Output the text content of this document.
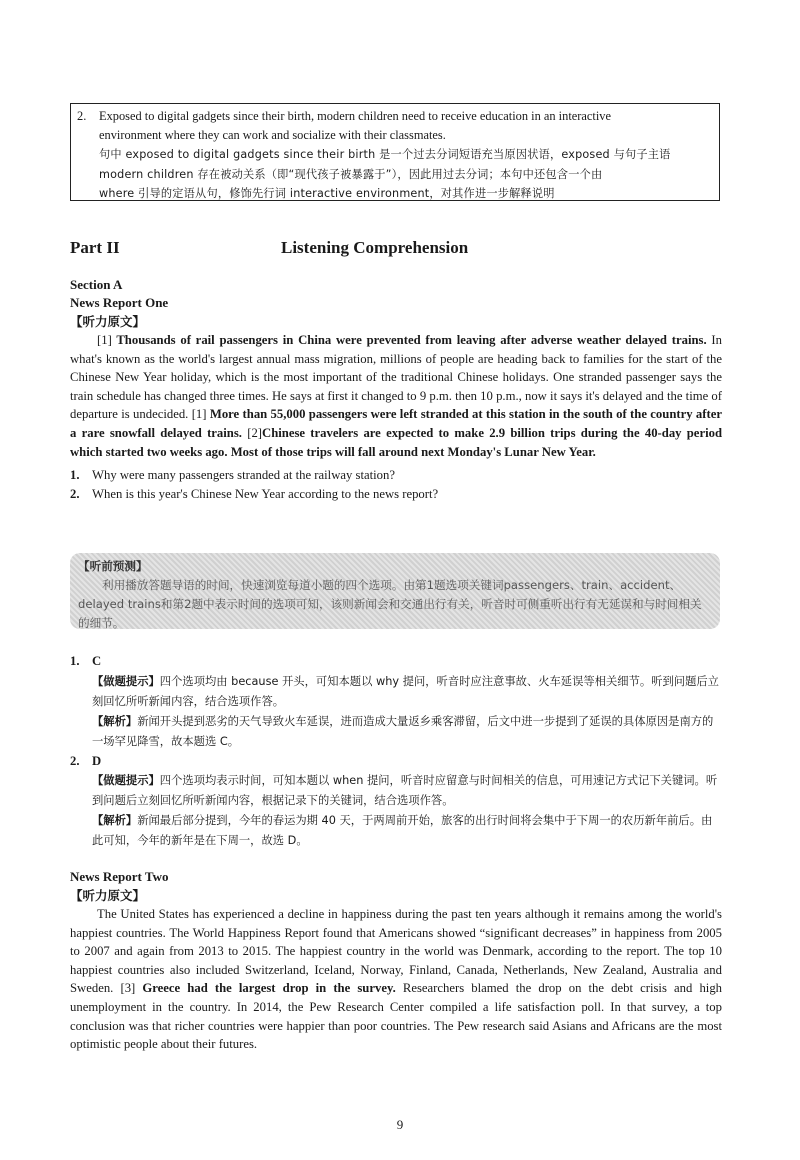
2.	Exposed to digital gadgets since their birth, modern children need to receive education in an interactive
environment where they can work and socialize with their classmates.
句中 exposed to digital gadgets since their birth 是一个过去分词短语充当原因状语，exposed 与句子主语
modern children 存在被动关系（即“现代孩子被暴露于”），因此用过去分词；本句中还包含一个由
where 引导的定语从句，修饰先行词 interactive environment，对其作进一步解释说明
Part II	Listening Comprehension
Section A
News Report One
【听力原文】
[1] Thousands of rail passengers in China were prevented from leaving after adverse weather delayed trains. In what's known as the world's largest annual mass migration, millions of people are heading back to families for the start of the Chinese New Year holiday, which is the most important of the traditional Chinese holidays. One stranded passenger says the train schedule has changed three times. He says at first it changed to 9 p.m. then 10 p.m., now it says it's delayed and the time of departure is undecided. [1] More than 55,000 passengers were left stranded at this station in the south of the country after a rare snowfall delayed trains. [2]Chinese travelers are expected to make 2.9 billion trips during the 40-day period which started two weeks ago. Most of those trips will fall around next Monday's Lunar New Year.
1. Why were many passengers stranded at the railway station?
2. When is this year's Chinese New Year according to the news report?
【听前预测】
利用播放答题导语的时间，快速浏览每道小题的四个选项。由第1题选项关键词passengers、train、accident、delayed trains和第2题中表示时间的选项可知，该则新闻会和交通出行有关，听音时可侧重听出行有无延误和与时间相关的细节。
1. C
【做题提示】四个选项均由 because 开头，可知本题以 why 提问，听音时应注意事故、火车延误等相关细节。听到问题后立刻回忆所听新闻内容，结合选项作答。
【解析】新闻开头提到恶劣的天气导致火车延误，进而造成大量返乡乘客滞留，后文中进一步提到了延误的具体原因是南方的一场罕见降雪，故本题选 C。
2. D
【做题提示】四个选项均表示时间，可知本题以 when 提问，听音时应留意与时间相关的信息，可用速记方式记下关键词。听到问题后立刻回忆所听新闻内容，根据记录下的关键词，结合选项作答。
【解析】新闻最后部分提到，今年的春运为期 40 天，于两周前开始，旅客的出行时间将会集中于下周一的农历新年前后。由此可知，今年的新年是在下周一，故选 D。
News Report Two
【听力原文】
The United States has experienced a decline in happiness during the past ten years although it remains among the world's happiest countries. The World Happiness Report found that Americans showed “significant decreases” in happiness from 2005 to 2007 and again from 2013 to 2015. The happiest country in the world was Denmark, according to the report. The top 10 happiest countries also included Switzerland, Iceland, Norway, Finland, Canada, Netherlands, New Zealand, Australia and Sweden. [3] Greece had the largest drop in the survey. Researchers blamed the drop on the debt crisis and high unemployment in the country. In 2014, the Pew Research Center compiled a life satisfaction poll. In that survey, a top conclusion was that richer countries were happier than poor countries. The Pew research said Asians and Africans are the most optimistic people about their futures.
9
